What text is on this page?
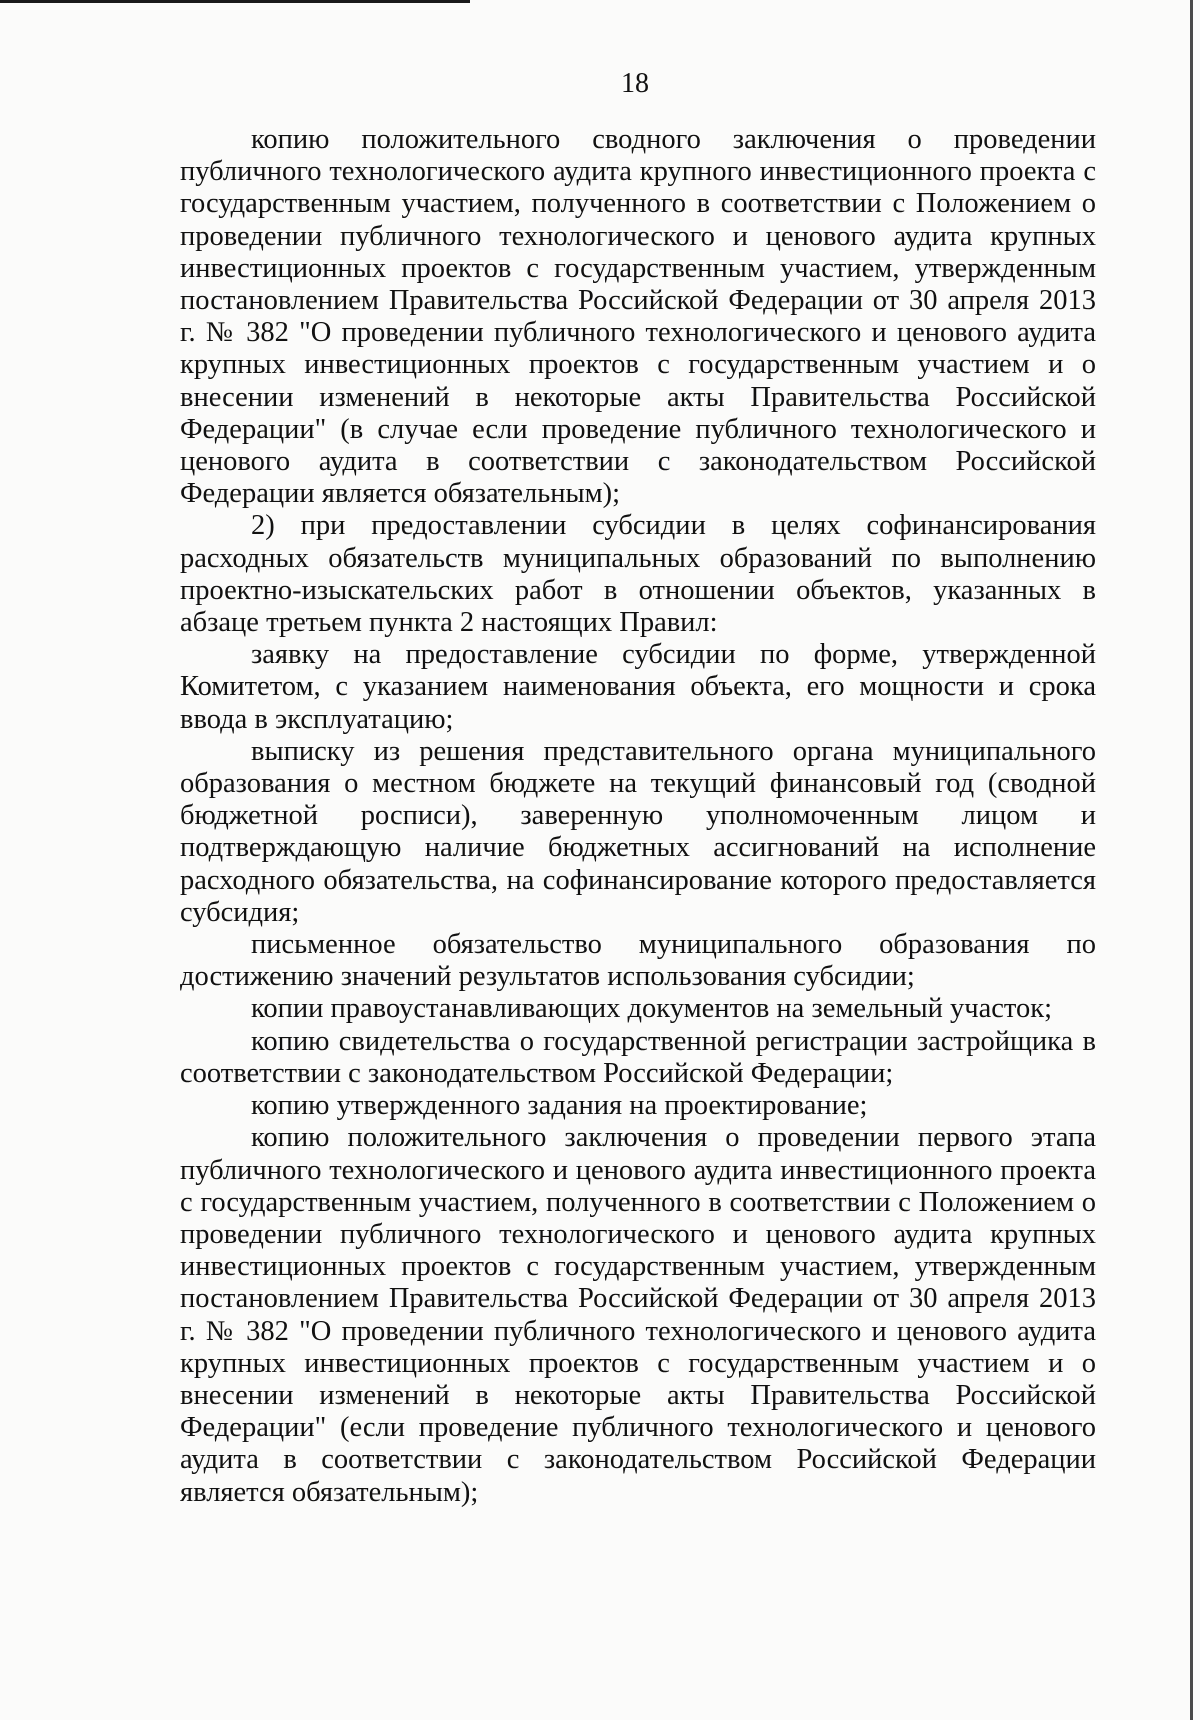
18

копию положительного сводного заключения о проведении публичного технологического аудита крупного инвестиционного проекта с государственным участием, полученного в соответствии с Положением о проведении публичного технологического и ценового аудита крупных инвестиционных проектов с государственным участием, утвержденным постановлением Правительства Российской Федерации от 30 апреля 2013 г. № 382 "О проведении публичного технологического и ценового аудита крупных инвестиционных проектов с государственным участием и о внесении изменений в некоторые акты Правительства Российской Федерации" (в случае если проведение публичного технологического и ценового аудита в соответствии с законодательством Российской Федерации является обязательным);

2) при предоставлении субсидии в целях софинансирования расходных обязательств муниципальных образований по выполнению проектно-изыскательских работ в отношении объектов, указанных в абзаце третьем пункта 2 настоящих Правил:

заявку на предоставление субсидии по форме, утвержденной Комитетом, с указанием наименования объекта, его мощности и срока ввода в эксплуатацию;

выписку из решения представительного органа муниципального образования о местном бюджете на текущий финансовый год (сводной бюджетной росписи), заверенную уполномоченным лицом и подтверждающую наличие бюджетных ассигнований на исполнение расходного обязательства, на софинансирование которого предоставляется субсидия;

письменное обязательство муниципального образования по достижению значений результатов использования субсидии;

копии правоустанавливающих документов на земельный участок;

копию свидетельства о государственной регистрации застройщика в соответствии с законодательством Российской Федерации;

копию утвержденного задания на проектирование;

копию положительного заключения о проведении первого этапа публичного технологического и ценового аудита инвестиционного проекта с государственным участием, полученного в соответствии с Положением о проведении публичного технологического и ценового аудита крупных инвестиционных проектов с государственным участием, утвержденным постановлением Правительства Российской Федерации от 30 апреля 2013 г. № 382 "О проведении публичного технологического и ценового аудита крупных инвестиционных проектов с государственным участием и о внесении изменений в некоторые акты Правительства Российской Федерации" (если проведение публичного технологического и ценового аудита в соответствии с законодательством Российской Федерации является обязательным);
